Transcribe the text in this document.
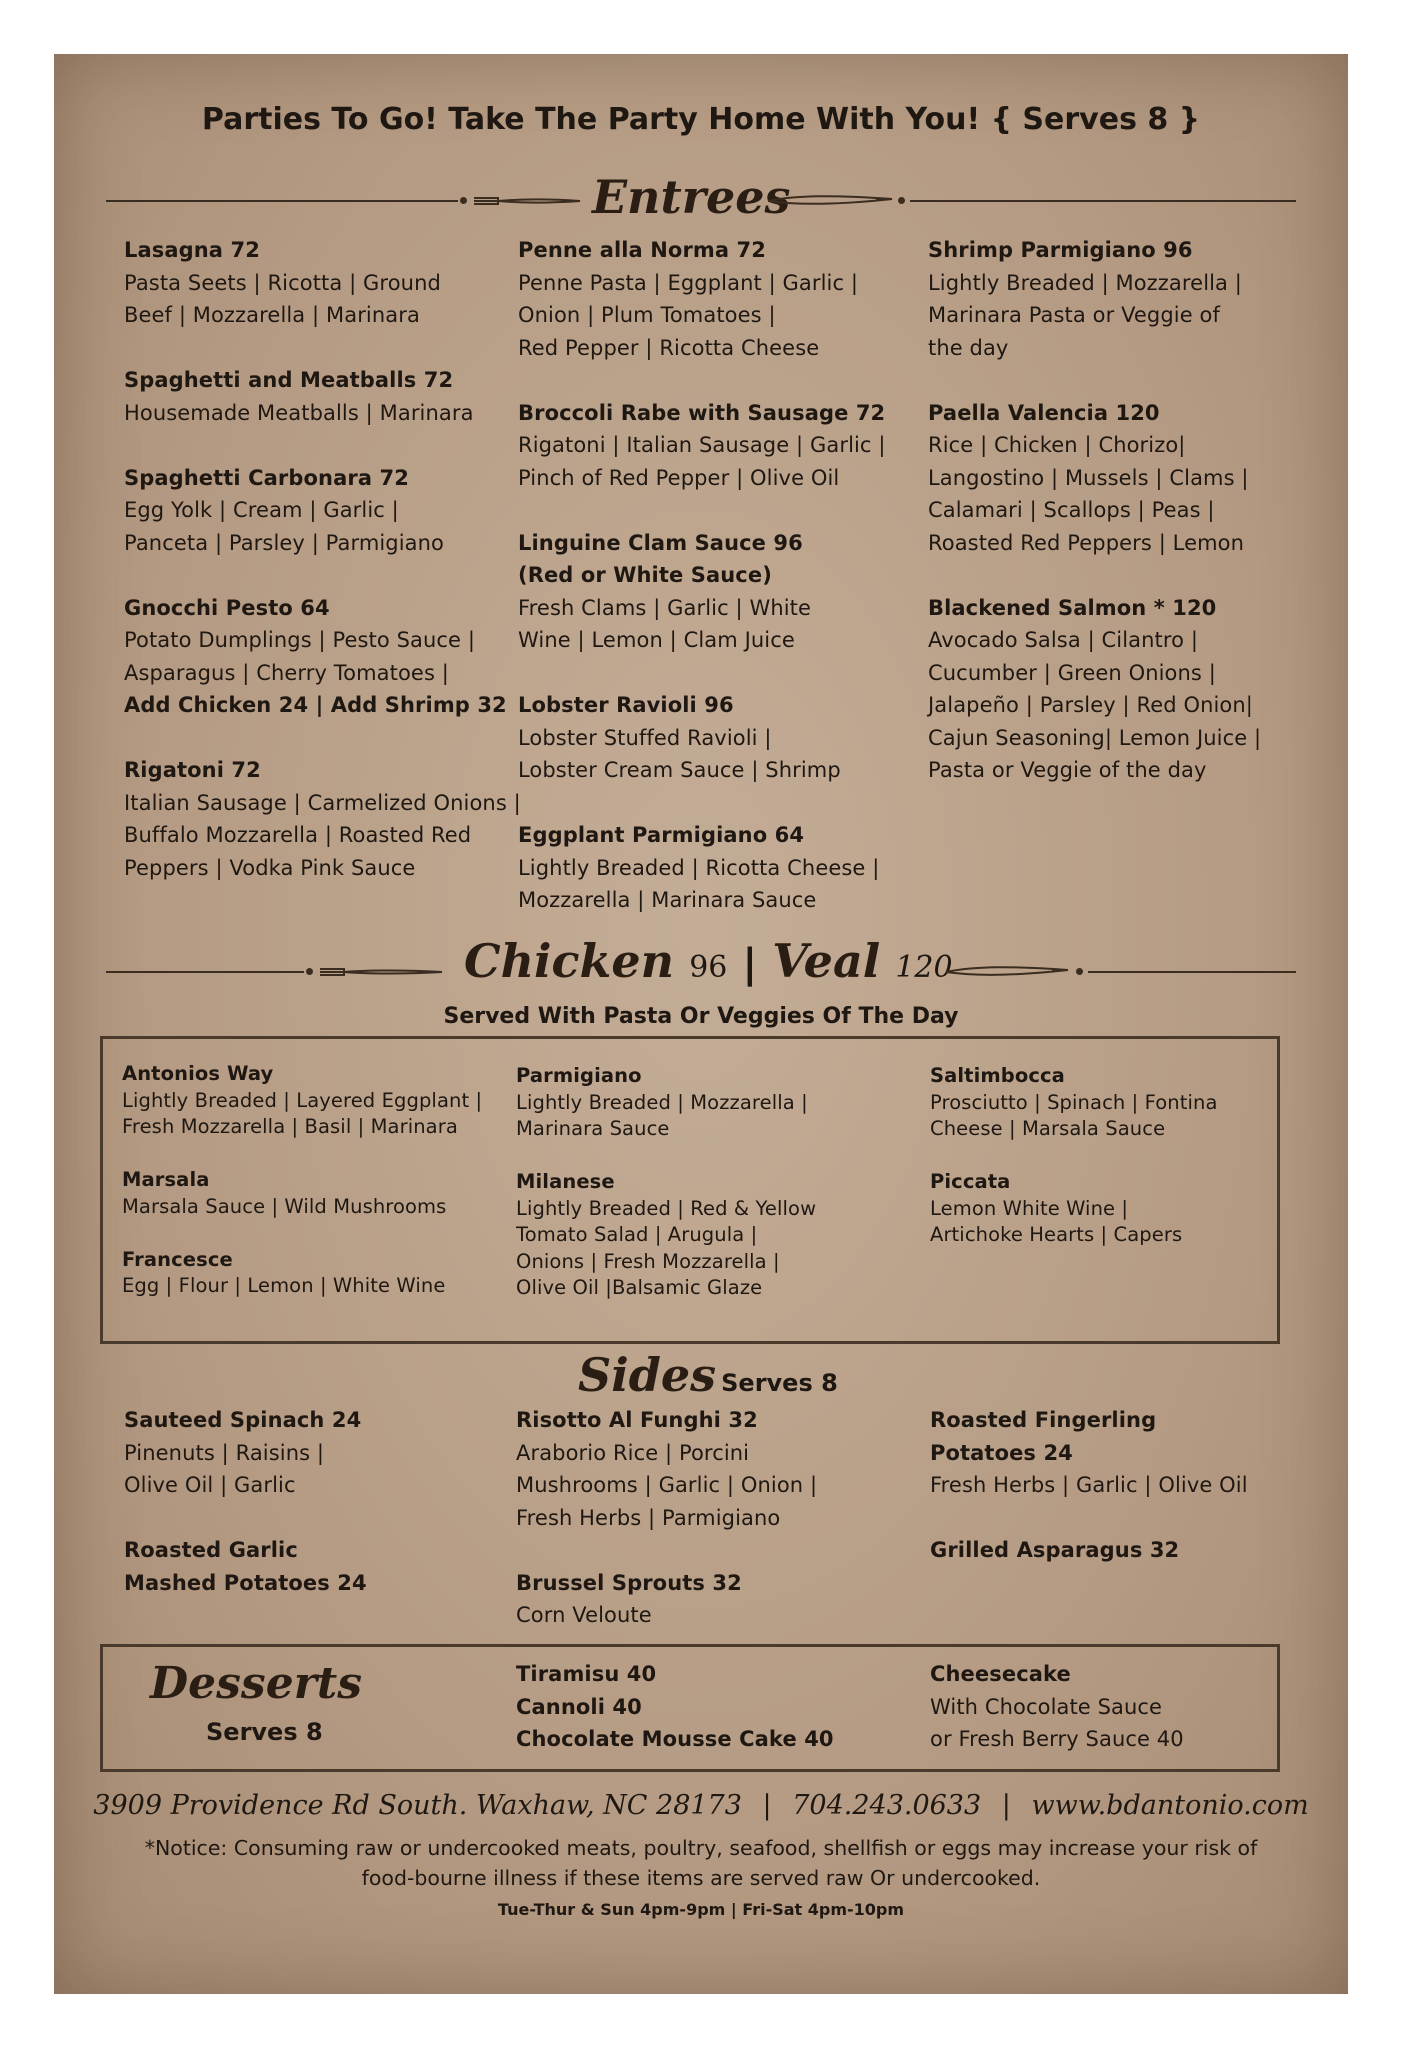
Parties To Go! Take The Party Home With You! { Serves 8 }
Entrees
Lasagna 72
Pasta Seets | Ricotta | Ground
Beef | Mozzarella | Marinara
Spaghetti and Meatballs 72
Housemade Meatballs | Marinara
Spaghetti Carbonara 72
Egg Yolk | Cream | Garlic |
Panceta | Parsley | Parmigiano
Gnocchi Pesto 64
Potato Dumplings | Pesto Sauce |
Asparagus | Cherry Tomatoes |
Add Chicken 24 | Add Shrimp 32
Rigatoni 72
Italian Sausage | Carmelized Onions |
Buffalo Mozzarella | Roasted Red
Peppers | Vodka Pink Sauce
Penne alla Norma 72
Penne Pasta | Eggplant | Garlic |
Onion | Plum Tomatoes |
Red Pepper | Ricotta Cheese
Broccoli Rabe with Sausage 72
Rigatoni | Italian Sausage | Garlic |
Pinch of Red Pepper | Olive Oil
Linguine Clam Sauce 96
(Red or White Sauce)
Fresh Clams | Garlic | White
Wine | Lemon | Clam Juice
Lobster Ravioli 96
Lobster Stuffed Ravioli |
Lobster Cream Sauce | Shrimp
Eggplant Parmigiano 64
Lightly Breaded | Ricotta Cheese |
Mozzarella | Marinara Sauce
Shrimp Parmigiano 96
Lightly Breaded | Mozzarella |
Marinara Pasta or Veggie of
the day
Paella Valencia 120
Rice | Chicken | Chorizo|
Langostino | Mussels | Clams |
Calamari | Scallops | Peas |
Roasted Red Peppers | Lemon
Blackened Salmon * 120
Avocado Salsa | Cilantro |
Cucumber | Green Onions |
Jalapeño | Parsley | Red Onion|
Cajun Seasoning| Lemon Juice |
Pasta or Veggie of the day
Chicken 96 | Veal 120
Served With Pasta Or Veggies Of The Day
Antonios Way
Lightly Breaded | Layered Eggplant |
Fresh Mozzarella | Basil | Marinara
Marsala
Marsala Sauce | Wild Mushrooms
Francesce
Egg | Flour | Lemon | White Wine
Parmigiano
Lightly Breaded | Mozzarella |
Marinara Sauce
Milanese
Lightly Breaded | Red & Yellow
Tomato Salad | Arugula |
Onions | Fresh Mozzarella |
Olive Oil |Balsamic Glaze
Saltimbocca
Prosciutto | Spinach | Fontina
Cheese | Marsala Sauce
Piccata
Lemon White Wine |
Artichoke Hearts | Capers
Sides Serves 8
Sauteed Spinach 24
Pinenuts | Raisins |
Olive Oil | Garlic
Roasted Garlic
Mashed Potatoes 24
Risotto Al Funghi 32
Araborio Rice | Porcini
Mushrooms | Garlic | Onion |
Fresh Herbs | Parmigiano
Brussel Sprouts 32
Corn Veloute
Roasted Fingerling
Potatoes 24
Fresh Herbs | Garlic | Olive Oil
Grilled Asparagus 32
Desserts
Serves 8
Tiramisu 40
Cannoli 40
Chocolate Mousse Cake 40
Cheesecake
With Chocolate Sauce
or Fresh Berry Sauce 40
3909 Providence Rd South. Waxhaw, NC 28173 | 704.243.0633 | www.bdantonio.com
*Notice: Consuming raw or undercooked meats, poultry, seafood, shellfish or eggs may increase your risk of
food-bourne illness if these items are served raw Or undercooked.
Tue-Thur & Sun 4pm-9pm | Fri-Sat 4pm-10pm
